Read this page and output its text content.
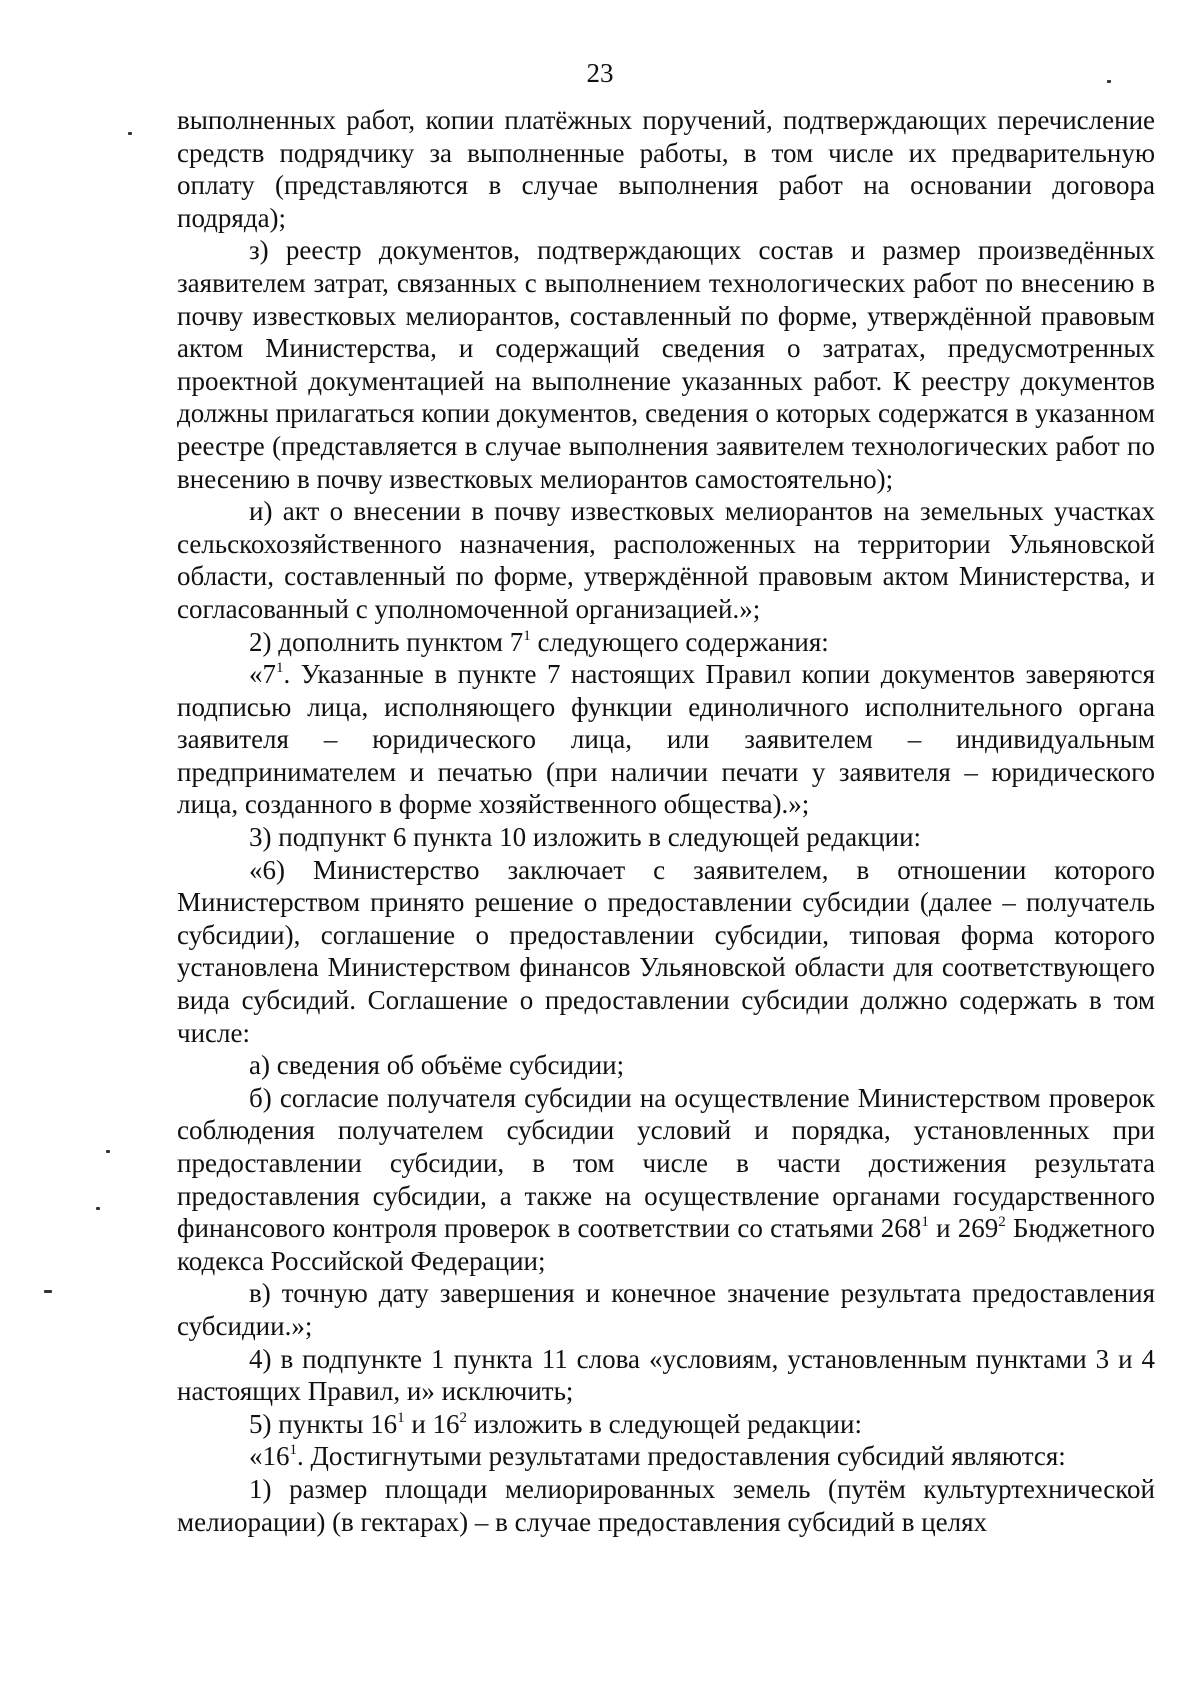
23

выполненных работ, копии платёжных поручений, подтверждающих перечисление средств подрядчику за выполненные работы, в том числе их предварительную оплату (представляются в случае выполнения работ на основании договора подряда);

з) реестр документов, подтверждающих состав и размер произведённых заявителем затрат, связанных с выполнением технологических работ по внесению в почву известковых мелиорантов, составленный по форме, утверждённой правовым актом Министерства, и содержащий сведения о затратах, предусмотренных проектной документацией на выполнение указанных работ. К реестру документов должны прилагаться копии документов, сведения о которых содержатся в указанном реестре (представляется в случае выполнения заявителем технологических работ по внесению в почву известковых мелиорантов самостоятельно);

и) акт о внесении в почву известковых мелиорантов на земельных участках сельскохозяйственного назначения, расположенных на территории Ульяновской области, составленный по форме, утверждённой правовым актом Министерства, и согласованный с уполномоченной организацией.»;

2) дополнить пунктом $7^1$ следующего содержания:

«$7^1$. Указанные в пункте 7 настоящих Правил копии документов заверяются подписью лица, исполняющего функции единоличного исполнительного органа заявителя – юридического лица, или заявителем – индивидуальным предпринимателем и печатью (при наличии печати у заявителя – юридического лица, созданного в форме хозяйственного общества).»;

3) подпункт 6 пункта 10 изложить в следующей редакции:

«6) Министерство заключает с заявителем, в отношении которого Министерством принято решение о предоставлении субсидии (далее – получатель субсидии), соглашение о предоставлении субсидии, типовая форма которого установлена Министерством финансов Ульяновской области для соответствующего вида субсидий. Соглашение о предоставлении субсидии должно содержать в том числе:

а) сведения об объёме субсидии;

б) согласие получателя субсидии на осуществление Министерством проверок соблюдения получателем субсидии условий и порядка, установленных при предоставлении субсидии, в том числе в части достижения результата предоставления субсидии, а также на осуществление органами государственного финансового контроля проверок в соответствии со статьями $268^1$ и $269^2$ Бюджетного кодекса Российской Федерации;

в) точную дату завершения и конечное значение результата предоставления субсидии.»;

4) в подпункте 1 пункта 11 слова «условиям, установленным пунктами 3 и 4 настоящих Правил, и» исключить;

5) пункты $16^1$ и $16^2$ изложить в следующей редакции:

«$16^1$. Достигнутыми результатами предоставления субсидий являются:

1) размер площади мелиорированных земель (путём культуртехнической мелиорации) (в гектарах) – в случае предоставления субсидий в целях
